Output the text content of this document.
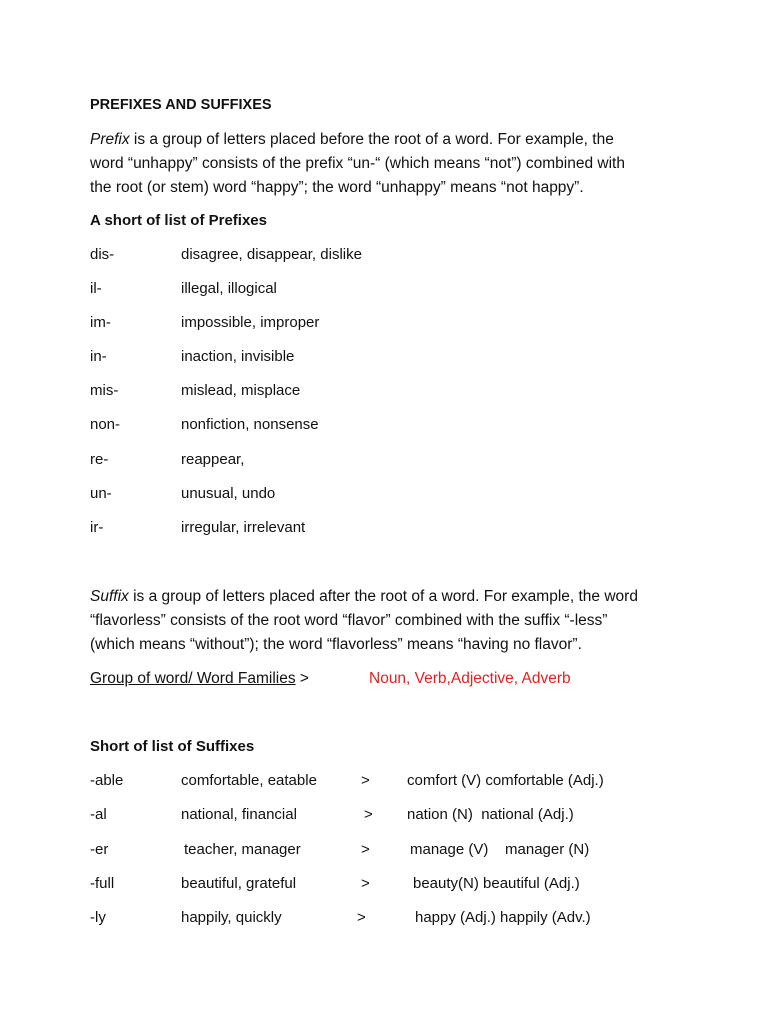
PREFIXES AND SUFFIXES
Prefix is a group of letters placed before the root of a word. For example, the
word “unhappy” consists of the prefix “un-“ (which means “not”) combined with
the root (or stem) word “happy”; the word “unhappy” means “not happy”.
A short of list of Prefixes
dis-	disagree, disappear, dislike
il-	illegal, illogical
im-	impossible, improper
in-	inaction, invisible
mis-	mislead, misplace
non-	nonfiction, nonsense
re-	reappear,
un-	unusual, undo
ir-	irregular, irrelevant
Suffix is a group of letters placed after the root of a word. For example, the word
“flavorless” consists of the root word “flavor” combined with the suffix “-less”
(which means “without”); the word “flavorless” means “having no flavor”.
Group of word/ Word Families >	Noun, Verb,Adjective, Adverb
Short of list of Suffixes
-able	comfortable, eatable	> comfort (V) comfortable (Adj.)
-al	national, financial	> nation (N)  national (Adj.)
-er	teacher, manager	>	manage (V)    manager (N)
-full	beautiful, grateful	>	beauty(N) beautiful (Adj.)
-ly	happily, quickly	>	happy (Adj.) happily (Adv.)
